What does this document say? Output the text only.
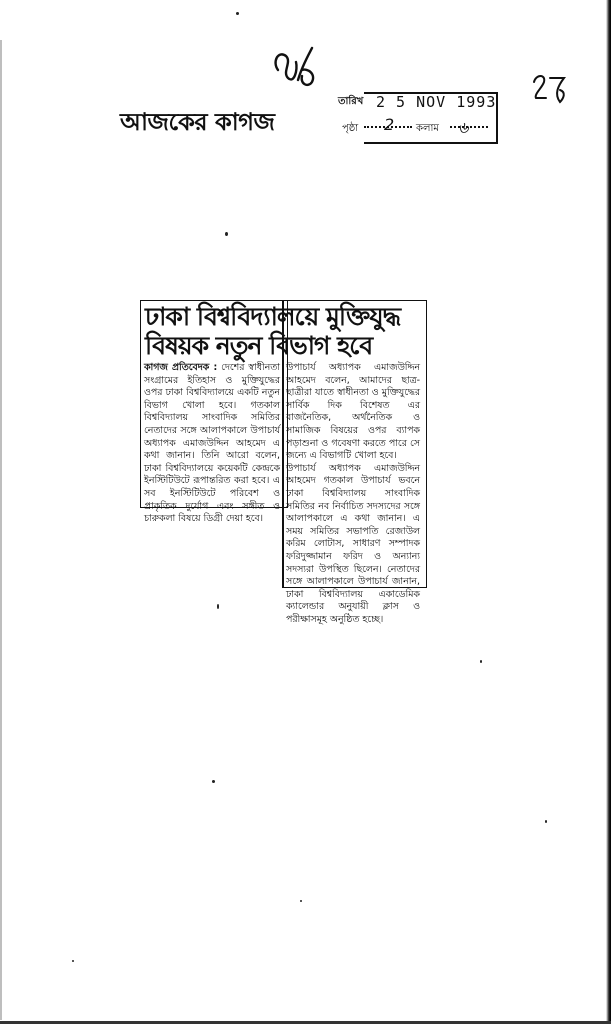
আজকের কাগজ
তারিখ 2 5 NOV 1993
পৃষ্ঠা 2 কলাম ৬
ঢাকা বিশ্ববিদ্যালয়ে মুক্তিযুদ্ধ
বিষয়ক নতুন বিভাগ হবে

কাগজ প্রতিবেদক : দেশের স্বাধীনতা সংগ্রামের ইতিহাস ও মুক্তিযুদ্ধের ওপর ঢাকা বিশ্ববিদ্যালয়ে একটি নতুন বিভাগ খোলা হবে। গতকাল বিশ্ববিদ্যালয় সাংবাদিক সমিতির নেতাদের সঙ্গে আলাপকালে উপাচার্য অধ্যাপক এমাজউদ্দিন আহমেদ এ কথা জানান। তিনি আরো বলেন, ঢাকা বিশ্ববিদ্যালয়ে কয়েকটি কেন্দ্রকে ইনস্টিটিউটে রূপান্তরিত করা হবে। এ সব ইনস্টিটিউটে পরিবেশ ও প্রাকৃতিক দুর্যোগ এবং সঙ্গীত ও চারুকলা বিষয়ে ডিগ্রী দেয়া হবে।

উপাচার্য অধ্যাপক এমাজউদ্দিন আহমেদ বলেন, আমাদের ছাত্র-ছাত্রীরা যাতে স্বাধীনতা ও মুক্তিযুদ্ধের সার্বিক দিক বিশেষত এর রাজনৈতিক, অর্থনৈতিক ও সামাজিক বিষয়ের ওপর ব্যাপক পড়াশুনা ও গবেষণা করতে পারে সে জন্যে এ বিভাগটি খোলা হবে।

উপাচার্য অধ্যাপক এমাজউদ্দিন আহমেদ গতকাল উপাচার্য ভবনে ঢাকা বিশ্ববিদ্যালয় সাংবাদিক সমিতির নব নির্বাচিত সদস্যদের সঙ্গে আলাপকালে এ কথা জানান। এ সময় সমিতির সভাপতি রেজাউল করিম লোটাস, সাধারণ সম্পাদক ফরিদুজ্জামান ফরিদ ও অন্যান্য সদস্যরা উপস্থিত ছিলেন। নেতাদের সঙ্গে আলাপকালে উপাচার্য জানান, ঢাকা বিশ্ববিদ্যালয় একাডেমিক ক্যালেন্ডার অনুযায়ী ক্লাস ও পরীক্ষাসমূহ অনুষ্ঠিত হচ্ছে।
